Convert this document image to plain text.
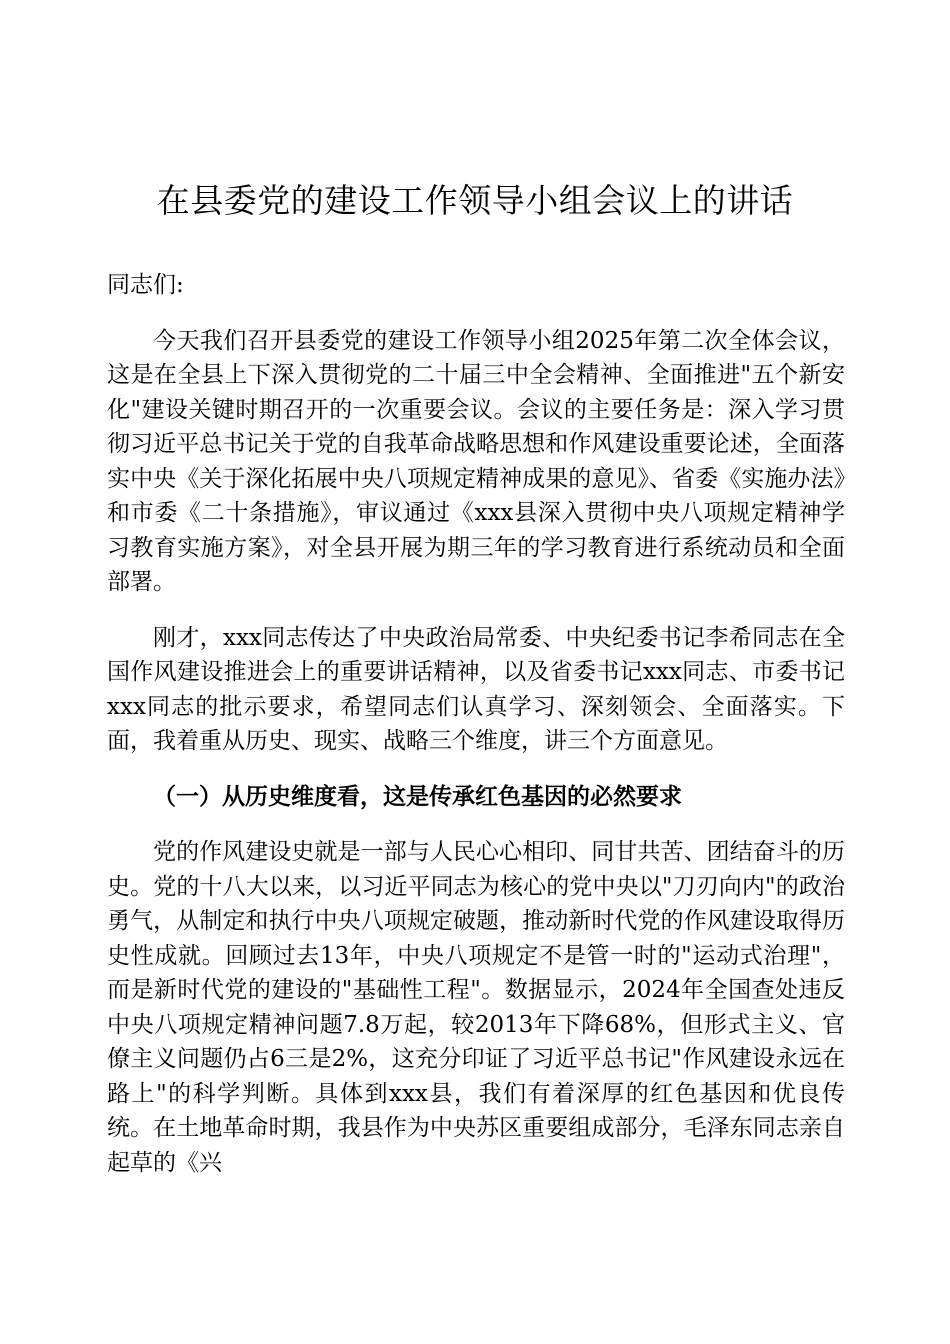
在县委党的建设工作领导小组会议上的讲话

同志们:

今天我们召开县委党的建设工作领导小组2025年第二次全体会议，这是在全县上下深入贯彻党的二十届三中全会精神、全面推进"五个新安化"建设关键时期召开的一次重要会议。会议的主要任务是：深入学习贯彻习近平总书记关于党的自我革命战略思想和作风建设重要论述，全面落实中央《关于深化拓展中央八项规定精神成果的意见》、省委《实施办法》和市委《二十条措施》，审议通过《xxx县深入贯彻中央八项规定精神学习教育实施方案》，对全县开展为期三年的学习教育进行系统动员和全面部署。

刚才，xxx同志传达了中央政治局常委、中央纪委书记李希同志在全国作风建设推进会上的重要讲话精神，以及省委书记xxx同志、市委书记xxx同志的批示要求，希望同志们认真学习、深刻领会、全面落实。下面，我着重从历史、现实、战略三个维度，讲三个方面意见。

（一）从历史维度看，这是传承红色基因的必然要求

党的作风建设史就是一部与人民心心相印、同甘共苦、团结奋斗的历史。党的十八大以来，以习近平同志为核心的党中央以"刀刃向内"的政治勇气，从制定和执行中央八项规定破题，推动新时代党的作风建设取得历史性成就。回顾过去13年，中央八项规定不是管一时的"运动式治理"，而是新时代党的建设的"基础性工程"。数据显示，2024年全国查处违反中央八项规定精神问题7.8万起，较2013年下降68%，但形式主义、官僚主义问题仍占6三是2%，这充分印证了习近平总书记"作风建设永远在路上"的科学判断。具体到xxx县，我们有着深厚的红色基因和优良传统。在土地革命时期，我县作为中央苏区重要组成部分，毛泽东同志亲自起草的《兴
